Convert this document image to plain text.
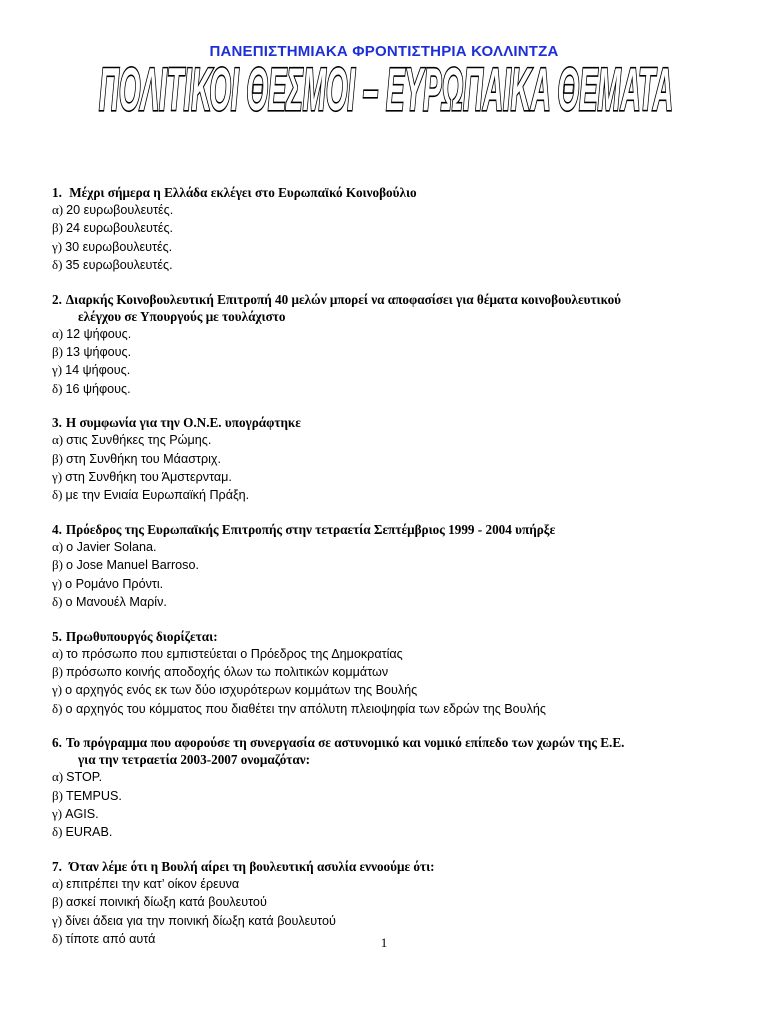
ΠΑΝΕΠΙΣΤΗΜΙΑΚΑ ΦΡΟΝΤΙΣΤΗΡΙΑ ΚΟΛΛΙΝΤΖΑ
ΠΟΛΙΤΙΚΟΙ ΘΕΣΜΟΙ – ΕΥΡΩΠΑΙΚΑ ΘΕΜΑΤΑ
1. Μέχρι σήμερα η Ελλάδα εκλέγει στο Ευρωπαϊκό Κοινοβούλιο
α) 20 ευρωβουλευτές.
β) 24 ευρωβουλευτές.
γ) 30 ευρωβουλευτές.
δ) 35 ευρωβουλευτές.
2. Διαρκής Κοινοβουλευτική Επιτροπή 40 μελών μπορεί να αποφασίσει για θέματα κοινοβουλευτικού
ελέγχου σε Υπουργούς με τουλάχιστο
α) 12 ψήφους.
β) 13 ψήφους.
γ) 14 ψήφους.
δ) 16 ψήφους.
3. Η συμφωνία για την Ο.Ν.Ε. υπογράφτηκε
α) στις Συνθήκες της Ρώμης.
β) στη Συνθήκη του Μάαστριχ.
γ) στη Συνθήκη του Άμστερνταμ.
δ) με την Ενιαία Ευρωπαϊκή Πράξη.
4. Πρόεδρος της Ευρωπαϊκής Επιτροπής στην τετραετία Σεπτέμβριος 1999 - 2004 υπήρξε
α) ο Javier Solana.
β) ο Jose Manuel Barroso.
γ) ο Ρομάνο Πρόντι.
δ) ο Μανουέλ Μαρίν.
5. Πρωθυπουργός διορίζεται:
α) το πρόσωπο που εμπιστεύεται ο Πρόεδρος της Δημοκρατίας
β) πρόσωπο κοινής αποδοχής όλων τω πολιτικών κομμάτων
γ) ο αρχηγός ενός εκ των δύο ισχυρότερων κομμάτων της Βουλής
δ) ο αρχηγός του κόμματος που διαθέτει την απόλυτη πλειοψηφία των εδρών της Βουλής
6. Το πρόγραμμα που αφορούσε τη συνεργασία σε αστυνομικό και νομικό επίπεδο των χωρών της Ε.Ε.
για την τετραετία 2003-2007 ονομαζόταν:
α) STOP.
β) TEMPUS.
γ) AGIS.
δ) EURAB.
7. Όταν λέμε ότι η Βουλή αίρει τη βουλευτική ασυλία εννοούμε ότι:
α) επιτρέπει την κατ’ οίκον έρευνα
β) ασκεί ποινική δίωξη κατά βουλευτού
γ) δίνει άδεια για την ποινική δίωξη κατά βουλευτού
δ) τίποτε από αυτά	1
